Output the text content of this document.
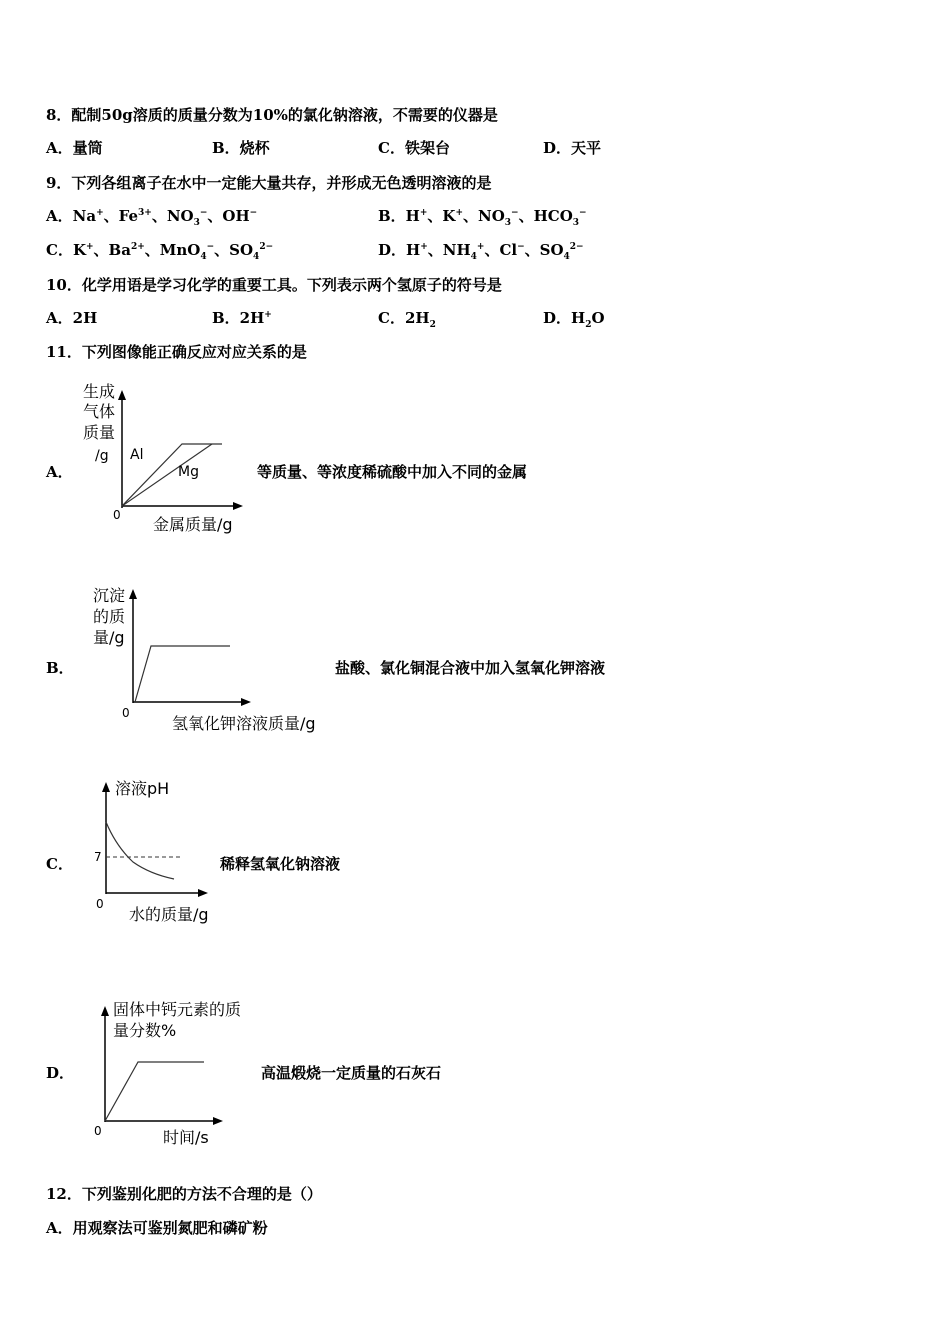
8．配制50g溶质的质量分数为10%的氯化钠溶液，不需要的仪器是
A．量筒	B．烧杯	C．铁架台	D．天平
9．下列各组离子在水中一定能大量共存，并形成无色透明溶液的是
A．Na+、$Fe^{3+}$、$NO_3^-$、OH−	B．H+、K+、$NO_3^-$、$HCO_3^-$
C．K+、$Ba^{2+}$、MnO$_4$−、$SO_4^{2-}$	D．H+、$NH_4^+$、Cl−、$SO_4^{2-}$
10．化学用语是学习化学的重要工具。下列表示两个氢原子的符号是
A．2H	B．2H+	C．$2H_2$	D．$H_2O$
11．下列图像能正确反应对应关系的是
A．
生成
气体
质量
/g Al
Mg
0 金属质量/g
等质量、等浓度稀硫酸中加入不同的金属
B．
沉淀
的质
量/g
0
氢氧化钾溶液质量/g
盐酸、氯化铜混合液中加入氢氧化钾溶液
C．
溶液pH
7
0
水的质量/g
稀释氢氧化钠溶液
D．
固体中钙元素的质
量分数%
0	时间/s
高温煅烧一定质量的石灰石
12．下列鉴别化肥的方法不合理的是（）
A．用观察法可鉴别氮肥和磷矿粉
